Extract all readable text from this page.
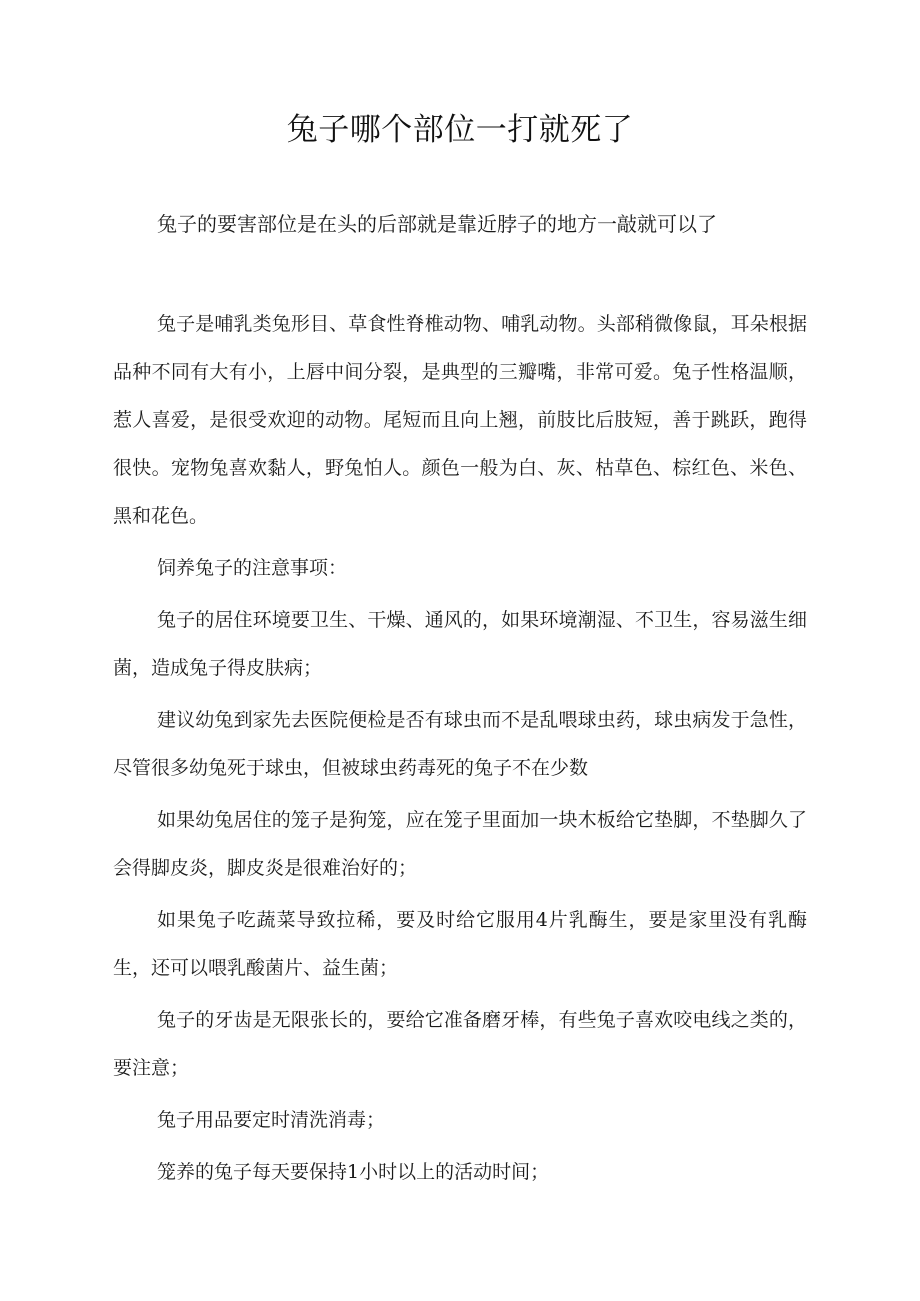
兔子哪个部位一打就死了

兔子的要害部位是在头的后部就是靠近脖子的地方一敲就可以了

兔子是哺乳类兔形目、草食性脊椎动物、哺乳动物。头部稍微像鼠，耳朵根据品种不同有大有小，上唇中间分裂，是典型的三瓣嘴，非常可爱。兔子性格温顺，惹人喜爱，是很受欢迎的动物。尾短而且向上翘，前肢比后肢短，善于跳跃，跑得很快。宠物兔喜欢黏人，野兔怕人。颜色一般为白、灰、枯草色、棕红色、米色、黑和花色。

饲养兔子的注意事项：

兔子的居住环境要卫生、干燥、通风的，如果环境潮湿、不卫生，容易滋生细菌，造成兔子得皮肤病；

建议幼兔到家先去医院便检是否有球虫而不是乱喂球虫药，球虫病发于急性，尽管很多幼兔死于球虫，但被球虫药毒死的兔子不在少数

如果幼兔居住的笼子是狗笼，应在笼子里面加一块木板给它垫脚，不垫脚久了会得脚皮炎，脚皮炎是很难治好的；

如果兔子吃蔬菜导致拉稀，要及时给它服用4片乳酶生，要是家里没有乳酶生，还可以喂乳酸菌片、益生菌；

兔子的牙齿是无限张长的，要给它准备磨牙棒，有些兔子喜欢咬电线之类的，要注意；

兔子用品要定时清洗消毒；

笼养的兔子每天要保持1小时以上的活动时间；
